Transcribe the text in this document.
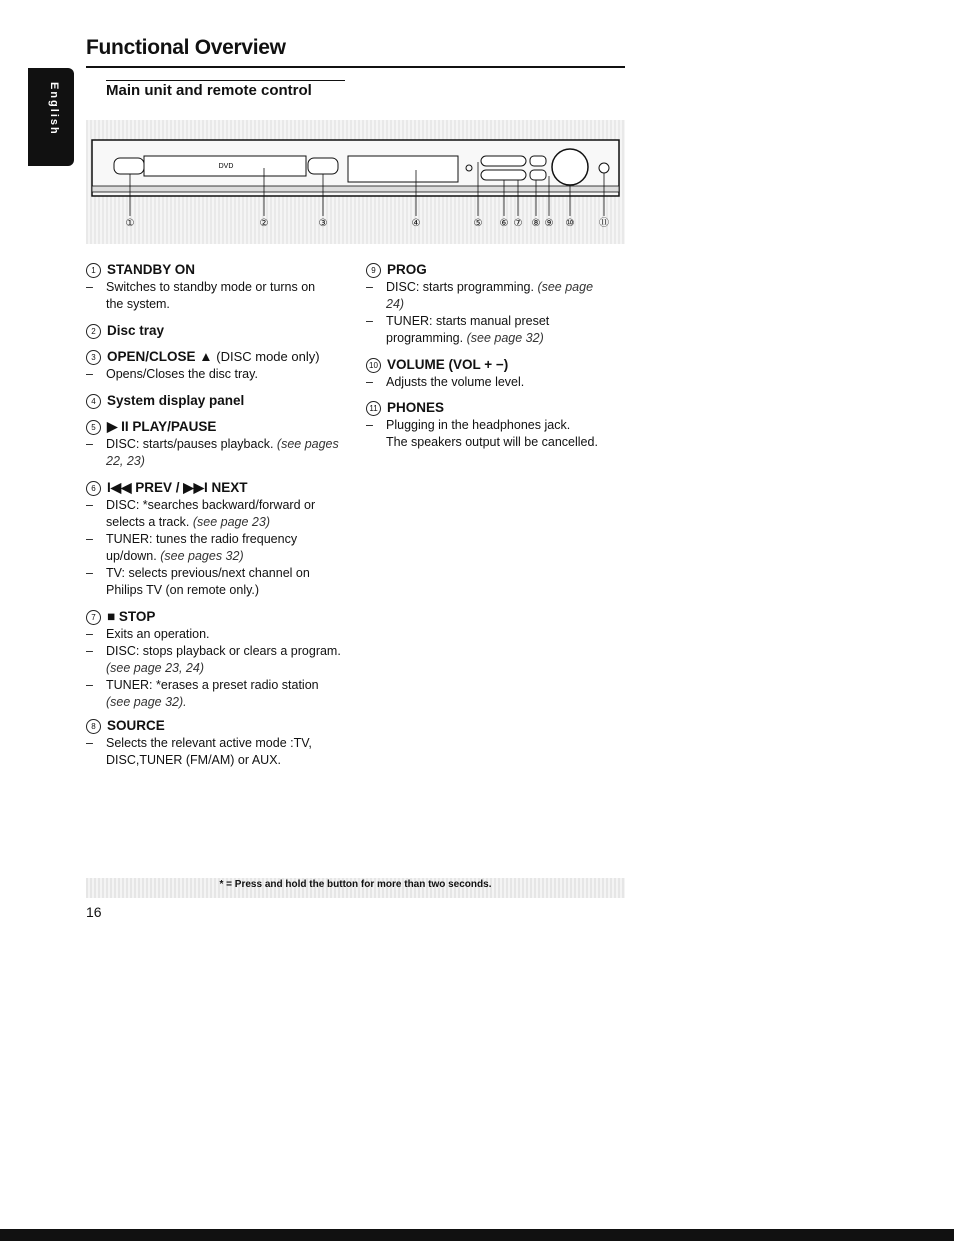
English
Functional Overview
Main unit and remote control
DVD
①	②	③	④	⑤ ⑥ ⑦ ⑧ ⑨ ⑩ ⑪
1 STANDBY ON
– Switches to standby mode or turns on
the system.
2 Disc tray
3 OPEN/CLOSE ▲ (DISC mode only)
– Opens/Closes the disc tray.
4 System display panel
5 ▶ II PLAY/PAUSE
– DISC: starts/pauses playback. (see pages
22, 23)
6 I◀◀ PREV / ▶▶I NEXT
– DISC: *searches backward/forward or
selects a track. (see page 23)
– TUNER: tunes the radio frequency
up/down. (see pages 32)
– TV: selects previous/next channel on
Philips TV (on remote only.)
7 ■ STOP
– Exits an operation.
– DISC: stops playback or clears a program.
(see page 23, 24)
– TUNER: *erases a preset radio station
(see page 32).
8 SOURCE
– Selects the relevant active mode :TV,
DISC,TUNER (FM/AM) or AUX.
9 PROG
– DISC: starts programming. (see page
24)
– TUNER: starts manual preset
programming. (see page 32)
10 VOLUME (VOL + −)
– Adjusts the volume level.
11 PHONES
– Plugging in the headphones jack.
The speakers output will be cancelled.
* = Press and hold the button for more than two seconds.
16
